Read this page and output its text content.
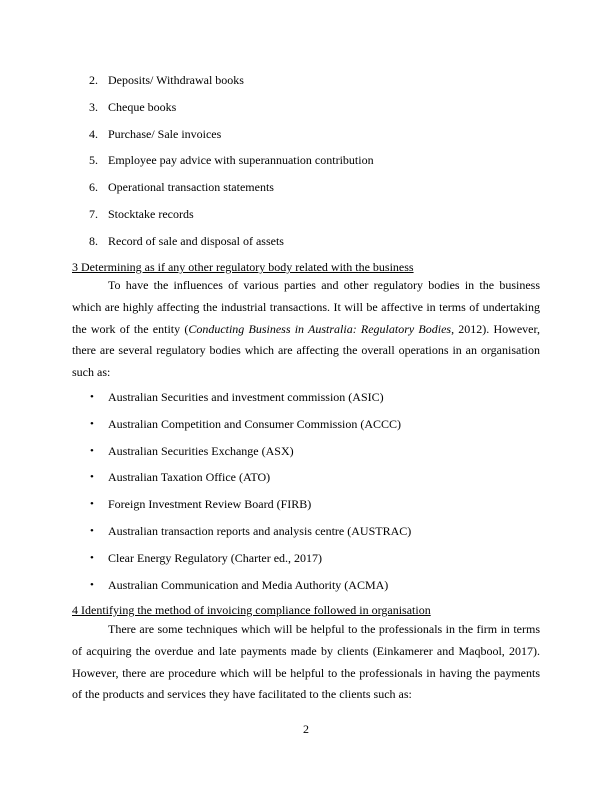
2. Deposits/ Withdrawal books
3. Cheque books
4. Purchase/ Sale invoices
5. Employee pay advice with superannuation contribution
6. Operational transaction statements
7. Stocktake records
8. Record of sale and disposal of assets
3 Determining as if any other regulatory body related with the business

To have the influences of various parties and other regulatory bodies in the business which are highly affecting the industrial transactions. It will be affective in terms of undertaking the work of the entity (Conducting Business in Australia: Regulatory Bodies, 2012). However, there are several regulatory bodies which are affecting the overall operations in an organisation such as:

• Australian Securities and investment commission (ASIC)
• Australian Competition and Consumer Commission (ACCC)
• Australian Securities Exchange (ASX)
• Australian Taxation Office (ATO)
• Foreign Investment Review Board (FIRB)
• Australian transaction reports and analysis centre (AUSTRAC)
• Clear Energy Regulatory (Charter ed., 2017)
• Australian Communication and Media Authority (ACMA)
4 Identifying the method of invoicing compliance followed in organisation

There are some techniques which will be helpful to the professionals in the firm in terms of acquiring the overdue and late payments made by clients (Einkamerer and Maqbool, 2017). However, there are procedure which will be helpful to the professionals in having the payments of the products and services they have facilitated to the clients such as:

2
